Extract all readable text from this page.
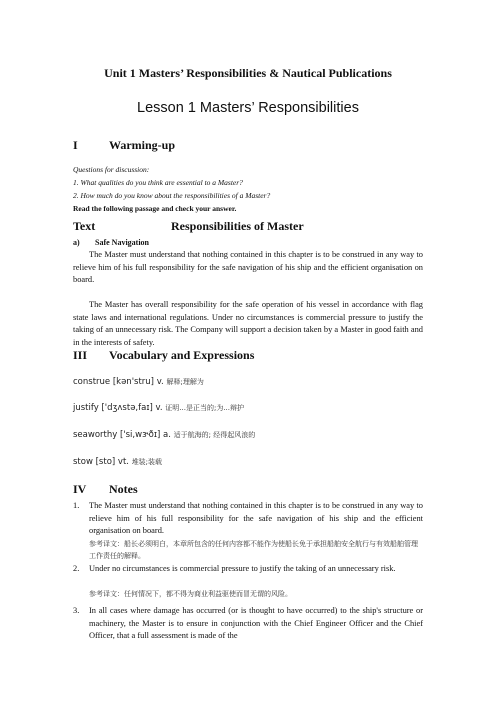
Unit 1 Masters’ Responsibilities & Nautical Publications
Lesson 1 Masters’ Responsibilities
I	Warming-up
Questions for discussion:
1. What qualities do you think are essential to a Master?
2. How much do you know about the responsibilities of a Master?
Read the following passage and check your answer.
Text	Responsibilities of Master
a) Safe Navigation
The Master must understand that nothing contained in this chapter is to be construed in any way to relieve him of his full responsibility for the safe navigation of his ship and the efficient organisation on board.
The Master has overall responsibility for the safe operation of his vessel in accordance with flag state laws and international regulations. Under no circumstances is commercial pressure to justify the taking of an unnecessary risk. The Company will support a decision taken by a Master in good faith and in the interests of safety.
III Vocabulary and Expressions
construe [kən'stru] v. 解释;理解为
justify ['dʒʌstə,faɪ] v. 证明...是正当的;为...辩护
seaworthy ['si,wɝðɪ] a. 适于航海的; 经得起风浪的
stow [sto] vt. 堆装;装载
IV Notes
1.	The Master must understand that nothing contained in this chapter is to be construed in any way to relieve him of his full responsibility for the safe navigation of his ship and the efficient organisation on board.
参考译文：船长必须明白，本章所包含的任何内容都不能作为使船长免于承担船舶安全航行与有效船舶管理工作责任的解释。
2.	Under no circumstances is commercial pressure to justify the taking of an unnecessary risk.
参考译文：任何情况下，都不得为商业利益驱使而冒无谓的风险。
3.	In all cases where damage has occurred (or is thought to have occurred) to the ship's structure or machinery, the Master is to ensure in conjunction with the Chief Engineer Officer and the Chief Officer, that a full assessment is made of the
